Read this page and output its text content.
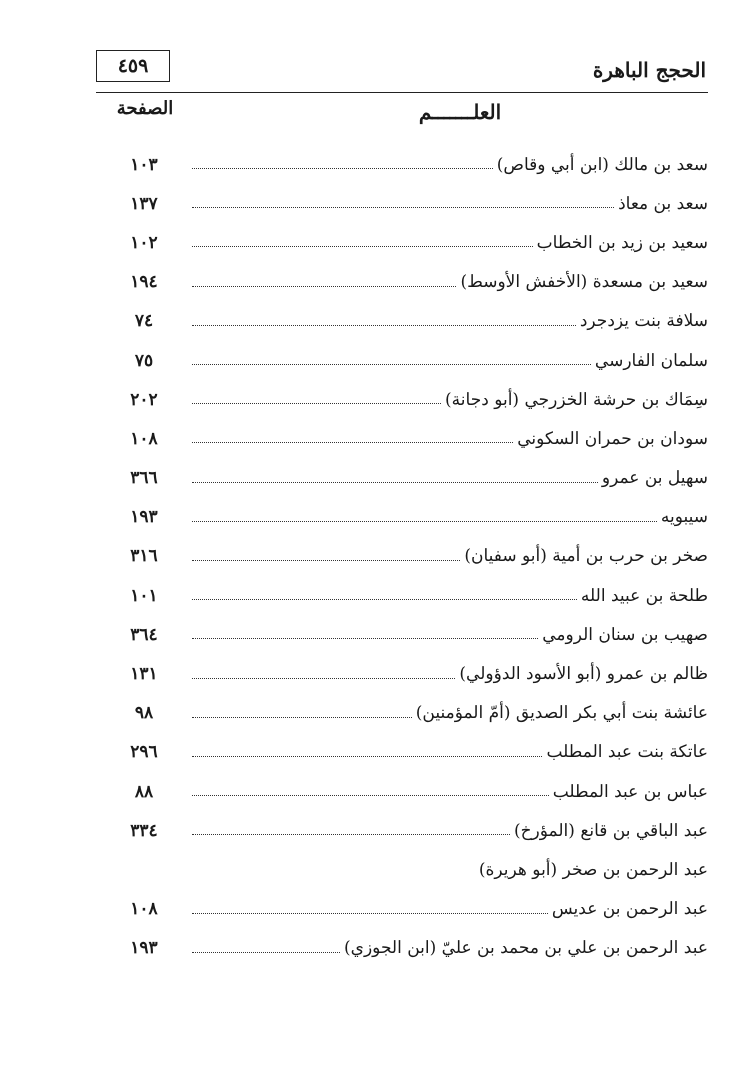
٤٥٩	الحجج الباهرة
العلـــــــم
الصفحة
١٠٣	سعد بن مالك (ابن أبي وقاص)
١٣٧	سعد بن معاذ
١٠٢	سعيد بن زيد بن الخطاب
١٩٤	سعيد بن مسعدة (الأخفش الأوسط)
٧٤	سلافة بنت يزدجرد
٧٥	سلمان الفارسي
٢٠٢	سِمَاك بن حرشة الخزرجي (أبو دجانة)
١٠٨	سودان بن حمران السكوني
٣٦٦	سهيل بن عمرو
١٩٣	سيبويه
٣١٦	صخر بن حرب بن أمية (أبو سفيان)
١٠١	طلحة بن عبيد الله
٣٦٤	صهيب بن سنان الرومي
١٣١	ظالم بن عمرو (أبو الأسود الدؤولي)
٩٨	عائشة بنت أبي بكر الصديق (أمّ المؤمنين)
٢٩٦	عاتكة بنت عبد المطلب
٨٨	عباس بن عبد المطلب
٣٣٤	عبد الباقي بن قانع (المؤرخ)
عبد الرحمن بن صخر (أبو هريرة)
١٠٨	عبد الرحمن بن عديس
١٩٣	عبد الرحمن بن علي بن محمد بن عليّ (ابن الجوزي)
